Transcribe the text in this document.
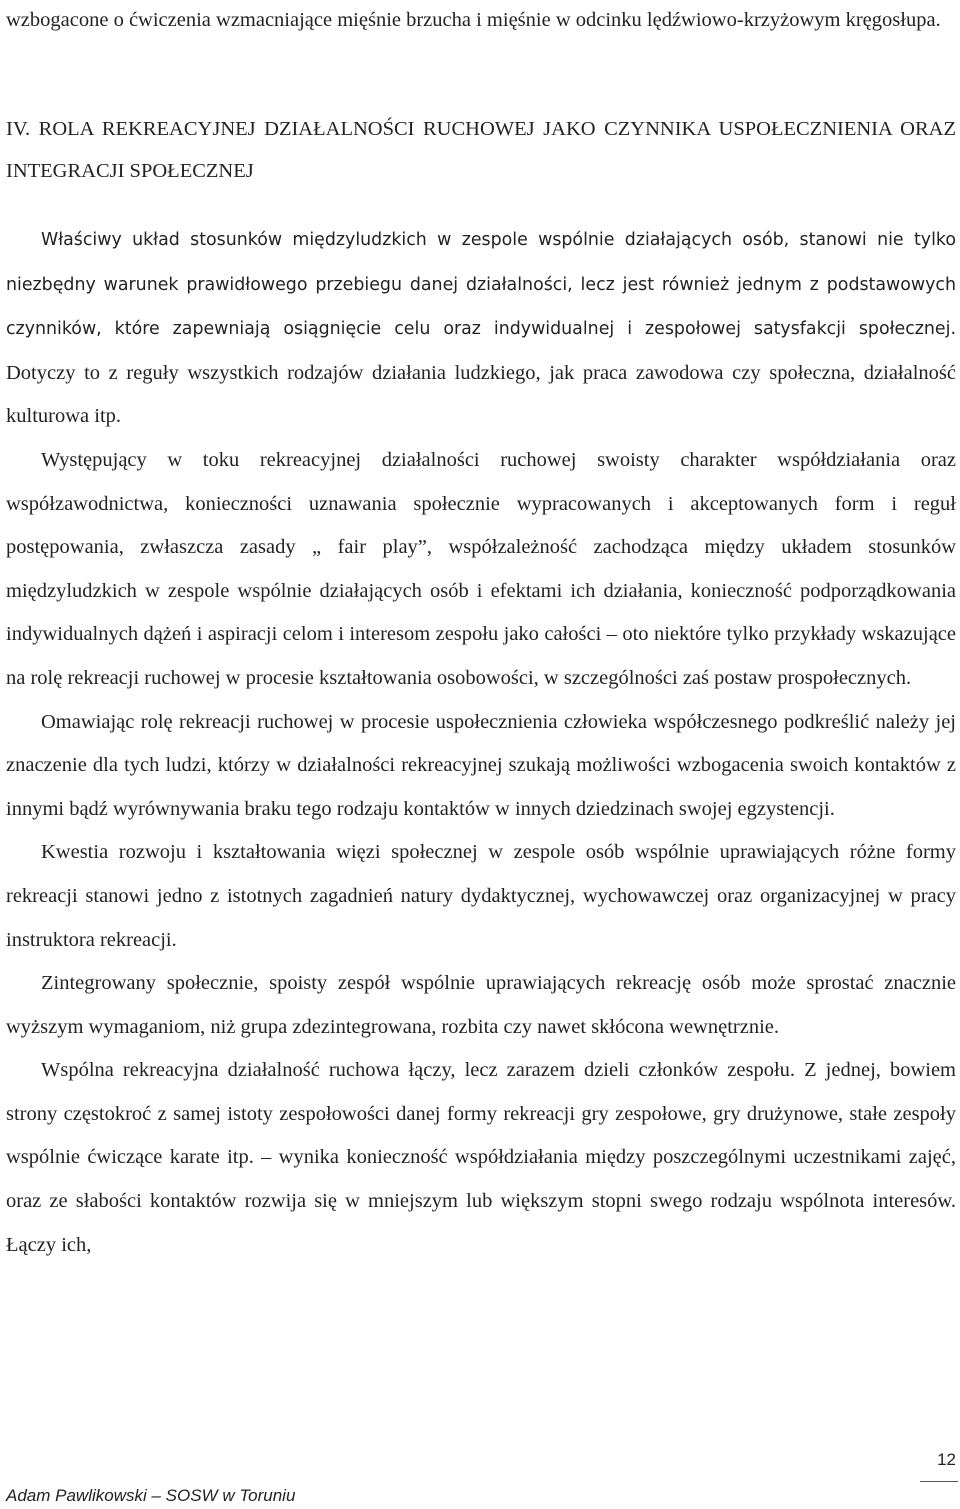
wzbogacone o ćwiczenia wzmacniające mięśnie brzucha i mięśnie w odcinku lędźwiowo-krzyżowym kręgosłupa.

IV. ROLA REKREACYJNEJ DZIAŁALNOŚCI RUCHOWEJ JAKO CZYNNIKA USPOŁECZNIENIA ORAZ INTEGRACJI SPOŁECZNEJ

Właściwy układ stosunków międzyludzkich w zespole wspólnie działających osób, stanowi nie tylko niezbędny warunek prawidłowego przebiegu danej działalności, lecz jest również jednym z podstawowych czynników, które zapewniają osiągnięcie celu oraz indywidualnej i zespołowej satysfakcji społecznej. Dotyczy to z reguły wszystkich rodzajów działania ludzkiego, jak praca zawodowa czy społeczna, działalność kulturowa itp.

Występujący w toku rekreacyjnej działalności ruchowej swoisty charakter współdziałania oraz współzawodnictwa, konieczności uznawania społecznie wypracowanych i akceptowanych form i reguł postępowania, zwłaszcza zasady „ fair play”, współzależność zachodząca między układem stosunków międzyludzkich w zespole wspólnie działających osób i efektami ich działania, konieczność podporządkowania indywidualnych dążeń i aspiracji celom i interesom zespołu jako całości – oto niektóre tylko przykłady wskazujące na rolę rekreacji ruchowej w procesie kształtowania osobowości, w szczególności zaś postaw prospołecznych.

Omawiając rolę rekreacji ruchowej w procesie uspołecznienia człowieka współczesnego podkreślić należy jej znaczenie dla tych ludzi, którzy w działalności rekreacyjnej szukają możliwości wzbogacenia swoich kontaktów z innymi bądź wyrównywania braku tego rodzaju kontaktów w innych dziedzinach swojej egzystencji.

Kwestia rozwoju i kształtowania więzi społecznej w zespole osób wspólnie uprawiających różne formy rekreacji stanowi jedno z istotnych zagadnień natury dydaktycznej, wychowawczej oraz organizacyjnej w pracy instruktora rekreacji.

Zintegrowany społecznie, spoisty zespół wspólnie uprawiających rekreację osób może sprostać znacznie wyższym wymaganiom, niż grupa zdezintegrowana, rozbita czy nawet skłócona wewnętrznie.

Wspólna rekreacyjna działalność ruchowa łączy, lecz zarazem dzieli członków zespołu. Z jednej, bowiem strony częstokroć z samej istoty zespołowości danej formy rekreacji gry zespołowe, gry drużynowe, stałe zespoły wspólnie ćwiczące karate itp. – wynika konieczność współdziałania między poszczególnymi uczestnikami zajęć, oraz ze słabości kontaktów rozwija się w mniejszym lub większym stopni swego rodzaju wspólnota interesów. Łączy ich,

12
Adam Pawlikowski – SOSW w Toruniu
